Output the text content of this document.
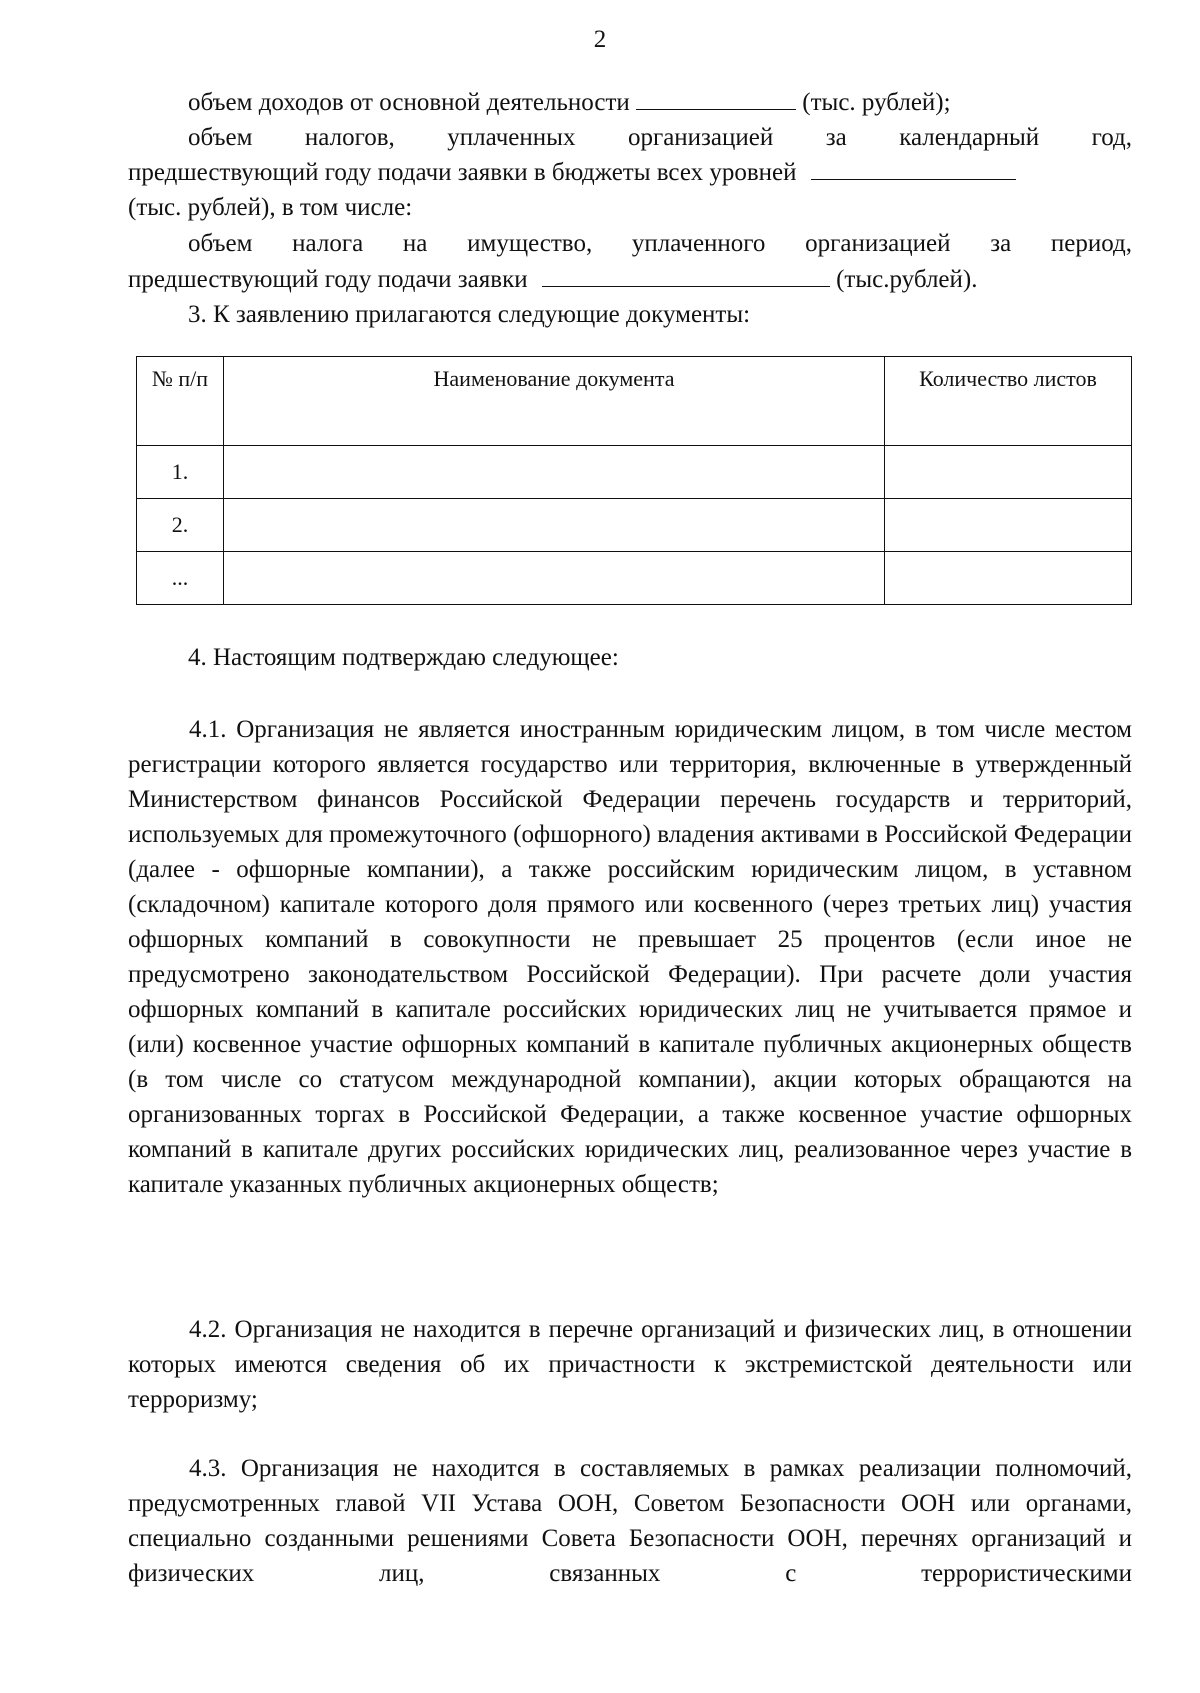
2
объем доходов от основной деятельности	(тыс. рублей);
объем налогов, уплаченных организацией за календарный год,
предшествующий году подачи заявки в бюджеты всех уровней
(тыс. рублей), в том числе:
объем налога на имущество, уплаченного организацией за период,
предшествующий году подачи заявки	(тыс.рублей).
3. К заявлению прилагаются следующие документы:
№ п/п	Наименование документа	Количество листов
1.		
2.		
...		
4. Настоящим подтверждаю следующее:

4.1. Организация не является иностранным юридическим лицом, в том числе местом регистрации которого является государство или территория, включенные в утвержденный Министерством финансов Российской Федерации перечень государств и территорий, используемых для промежуточного (офшорного) владения активами в Российской Федерации (далее - офшорные компании), а также российским юридическим лицом, в уставном (складочном) капитале которого доля прямого или косвенного (через третьих лиц) участия офшорных компаний в совокупности не превышает 25 процентов (если иное не предусмотрено законодательством Российской Федерации). При расчете доли участия офшорных компаний в капитале российских юридических лиц не учитывается прямое и (или) косвенное участие офшорных компаний в капитале публичных акционерных обществ (в том числе со статусом международной компании), акции которых обращаются на организованных торгах в Российской Федерации, а также косвенное участие офшорных компаний в капитале других российских юридических лиц, реализованное через участие в капитале указанных публичных акционерных обществ;

4.2. Организация не находится в перечне организаций и физических лиц, в отношении которых имеются сведения об их причастности к экстремистской деятельности или терроризму;

4.3. Организация не находится в составляемых в рамках реализации полномочий, предусмотренных главой VII Устава ООН, Советом Безопасности ООН или органами, специально созданными решениями Совета Безопасности ООН, перечнях организаций и физических лиц, связанных с террористическими
